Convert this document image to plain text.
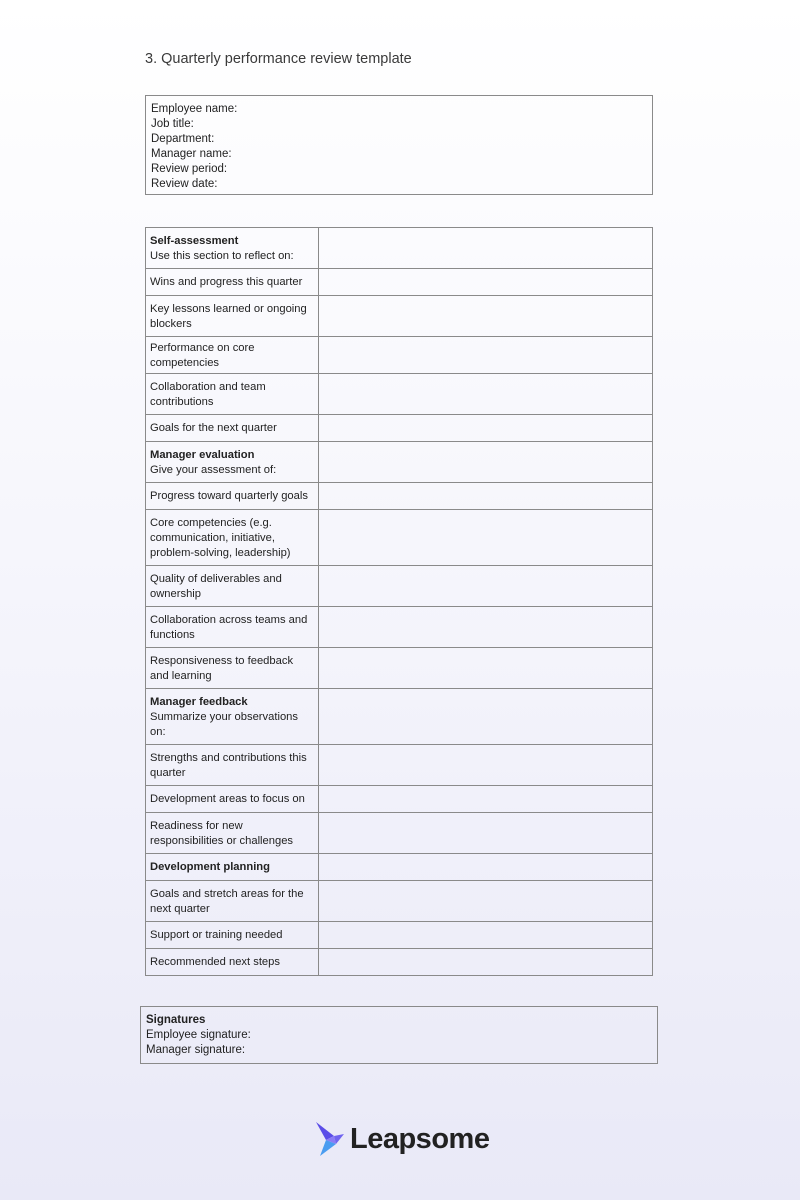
3. Quarterly performance review template
Employee name:
Job title:
Department:
Manager name:
Review period:
Review date:
Self-assessment
Use this section to reflect on:
Wins and progress this quarter
Key lessons learned or ongoing blockers
Performance on core competencies
Collaboration and team contributions
Goals for the next quarter
Manager evaluation
Give your assessment of:
Progress toward quarterly goals
Core competencies (e.g. communication, initiative, problem-solving, leadership)
Quality of deliverables and ownership
Collaboration across teams and functions
Responsiveness to feedback and learning
Manager feedback
Summarize your observations on:
Strengths and contributions this quarter
Development areas to focus on
Readiness for new responsibilities or challenges
Development planning
Goals and stretch areas for the next quarter
Support or training needed
Recommended next steps
Signatures
Employee signature:
Manager signature:
Leapsome
